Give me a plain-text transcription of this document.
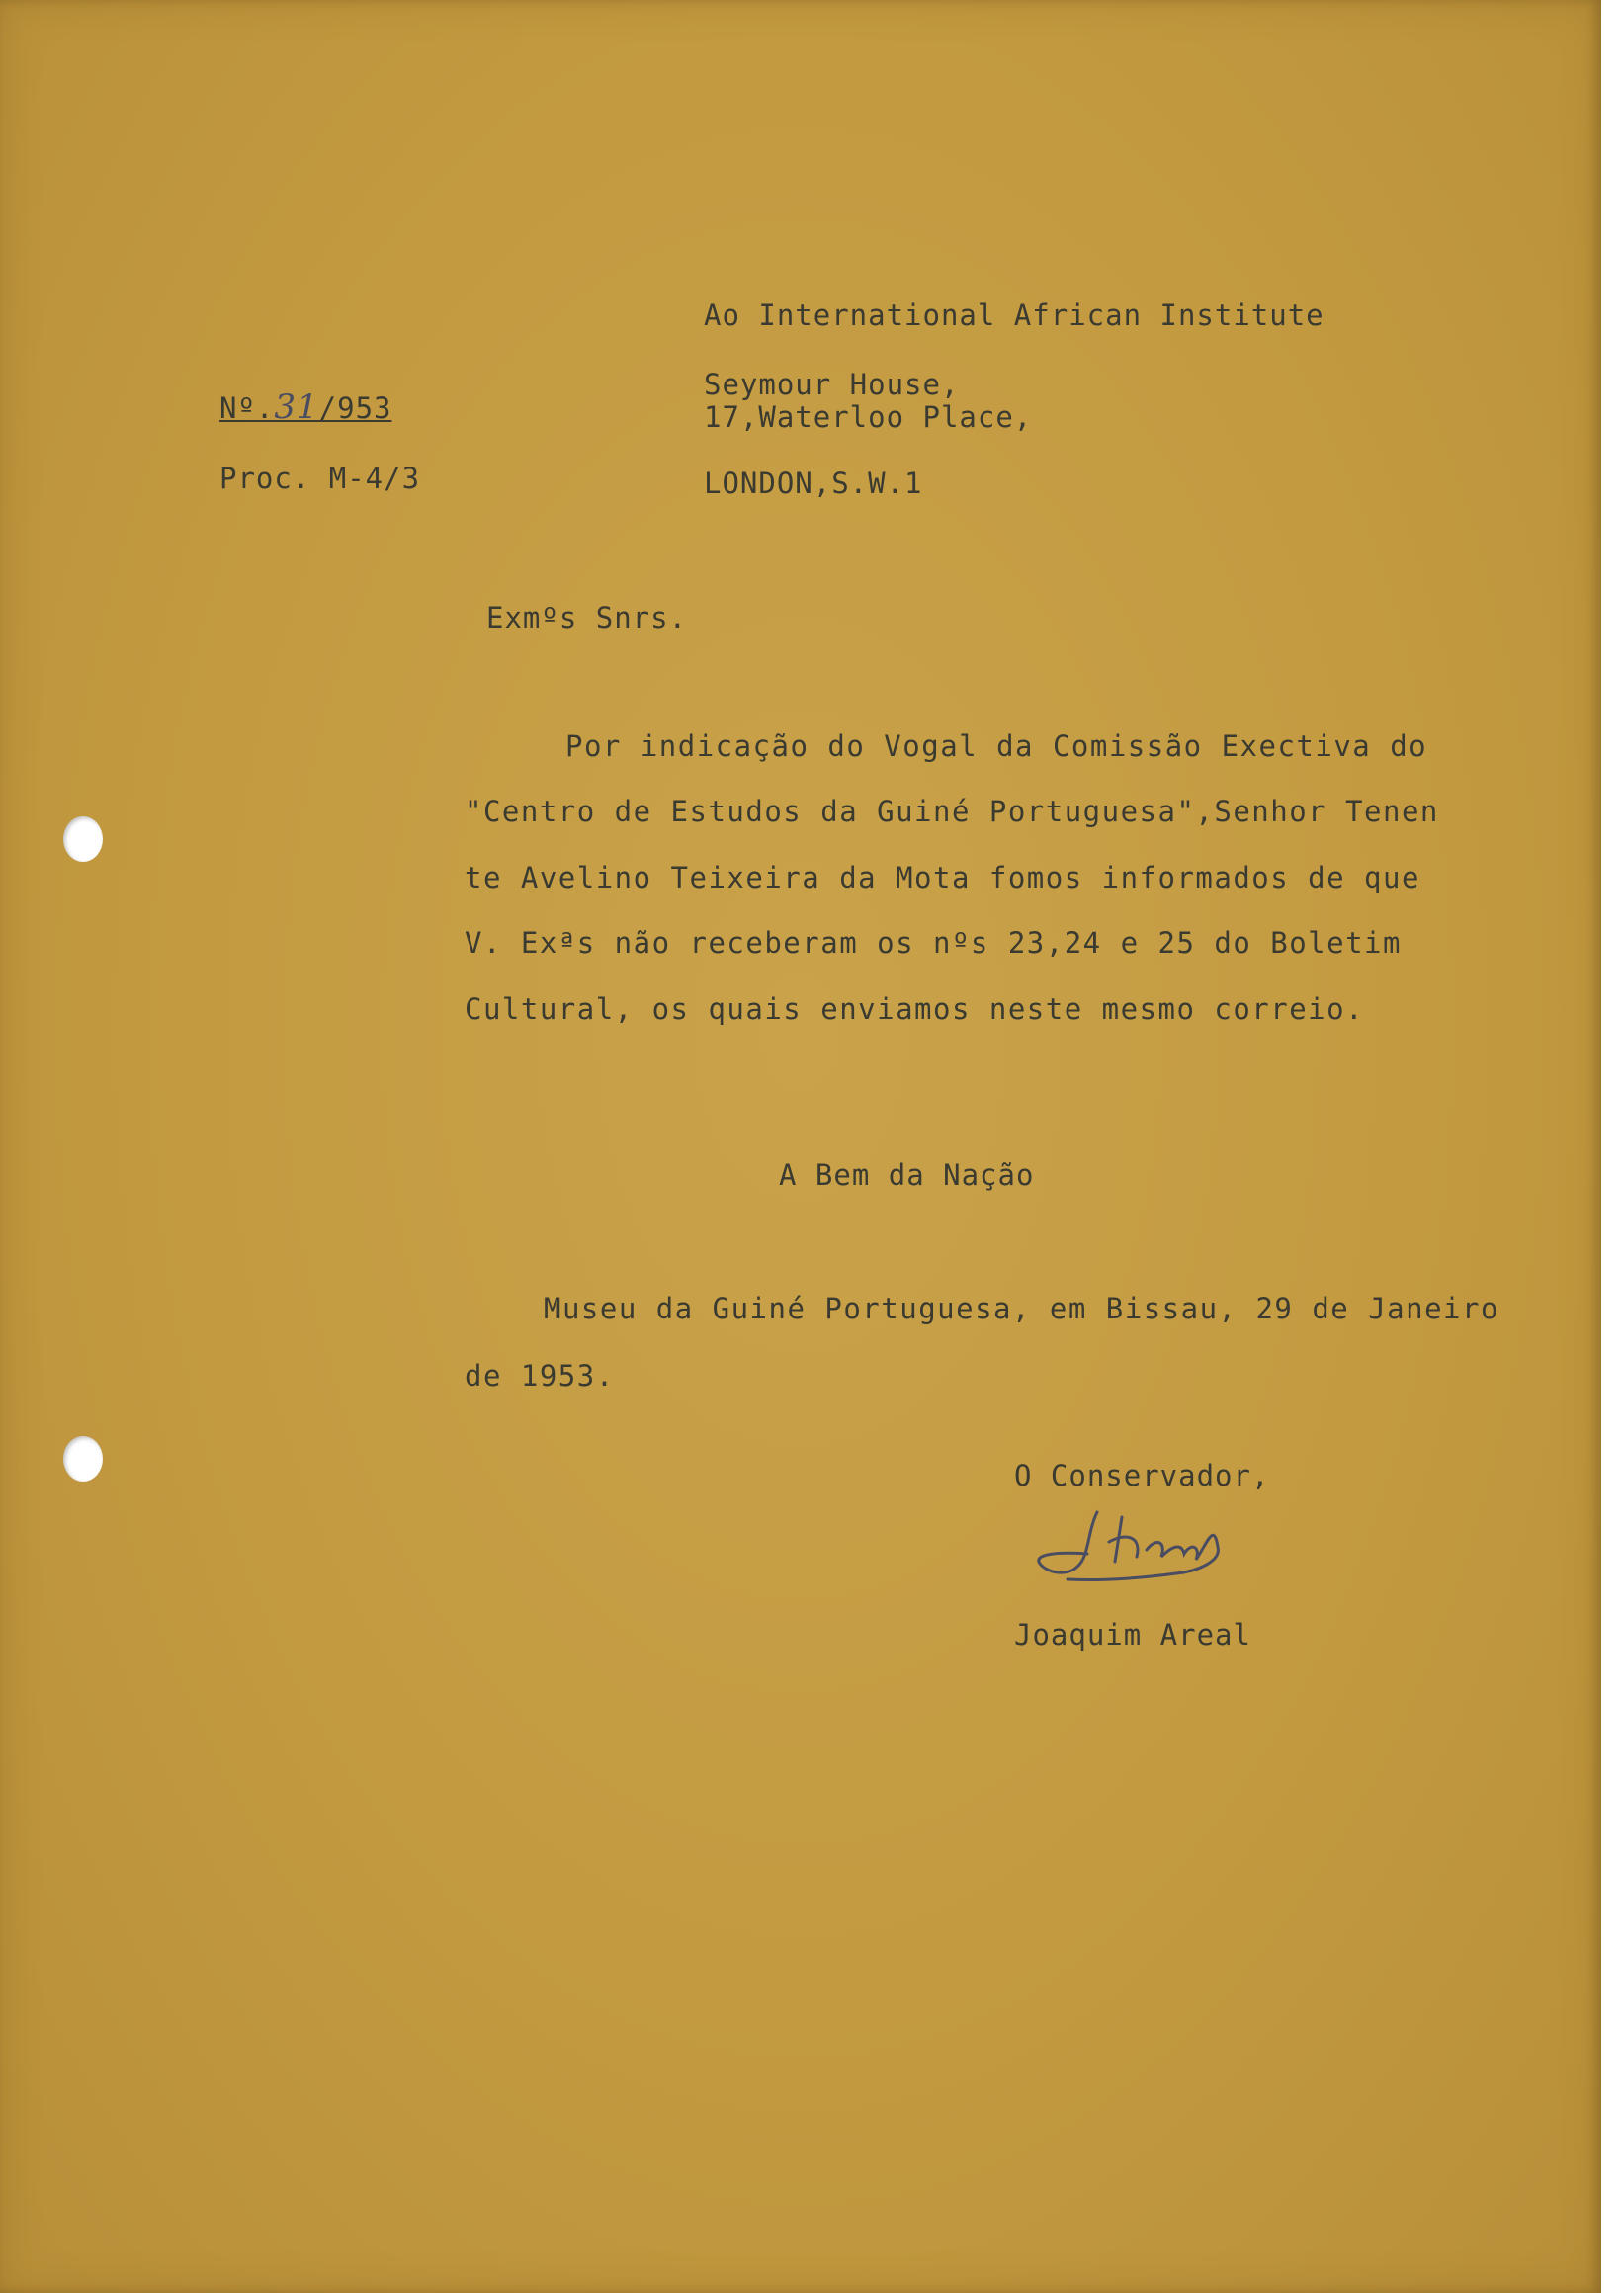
Nº.31/953
Proc. M-4/3
Ao International African Institute
Seymour House,
17,Waterloo Place,
LONDON,S.W.1
Exmºs Snrs.
Por indicação do Vogal da Comissão Exectiva do
"Centro de Estudos da Guiné Portuguesa",Senhor Tenen
te Avelino Teixeira da Mota fomos informados de que
V. Exªs não receberam os nºs 23,24 e 25 do Boletim
Cultural, os quais enviamos neste mesmo correio.
A Bem da Nação
Museu da Guiné Portuguesa, em Bissau, 29 de Janeiro
de 1953.
O Conservador,
Joaquim Areal
